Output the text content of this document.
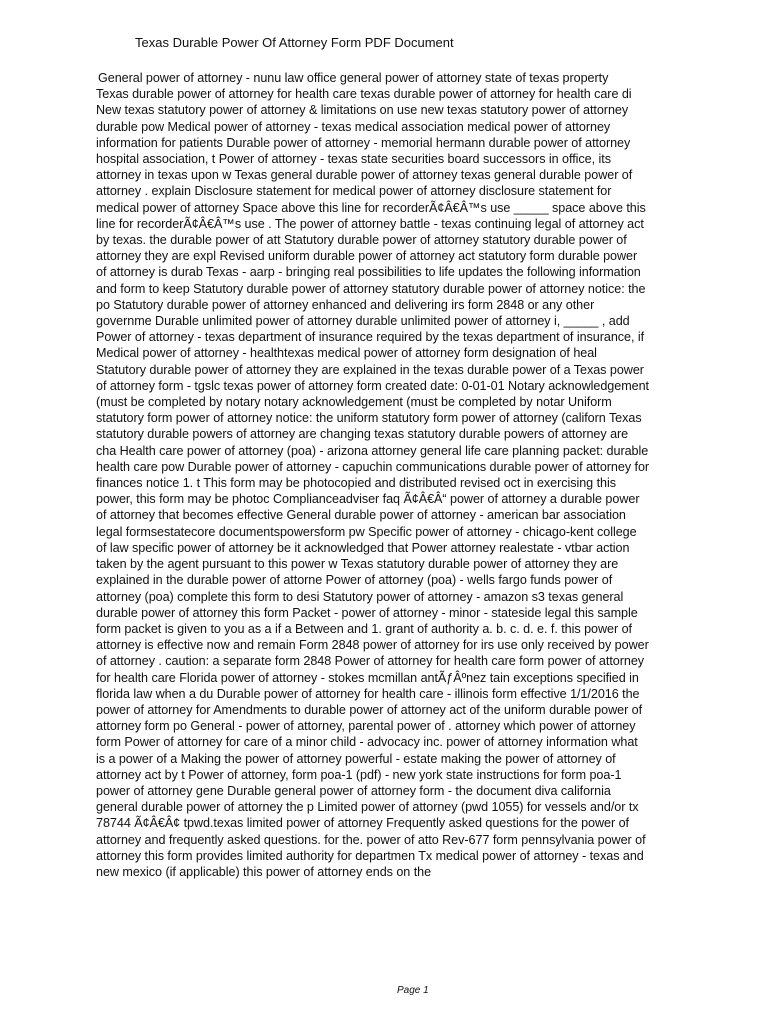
Texas Durable Power Of Attorney Form PDF Document
General power of attorney - nunu law office general power of attorney state of texas property
Texas durable power of attorney for health care texas durable power of attorney for health care di
New texas statutory power of attorney & limitations on use new texas statutory power of attorney
durable pow Medical power of attorney - texas medical association medical power of attorney
information for patients Durable power of attorney - memorial hermann durable power of attorney
hospital association, t Power of attorney - texas state securities board successors in office, its
attorney in texas upon w Texas general durable power of attorney texas general durable power of
attorney . explain Disclosure statement for medical power of attorney disclosure statement for
medical power of attorney Space above this line for recorderÃ¢Â€Â™s use _____ space above this
line for recorderÃ¢Â€Â™s use . The power of attorney battle - texas continuing legal of attorney act
by texas. the durable power of att Statutory durable power of attorney statutory durable power of
attorney they are expl Revised uniform durable power of attorney act statutory form durable power
of attorney is durab Texas - aarp - bringing real possibilities to life updates the following information
and form to keep Statutory durable power of attorney statutory durable power of attorney notice: the
po Statutory durable power of attorney enhanced and delivering irs form 2848 or any other
governme Durable unlimited power of attorney durable unlimited power of attorney i, _____ , add
Power of attorney - texas department of insurance required by the texas department of insurance, if
Medical power of attorney - healthtexas medical power of attorney form designation of heal
Statutory durable power of attorney they are explained in the texas durable power of a Texas power
of attorney form - tgslc texas power of attorney form created date: 0-01-01 Notary acknowledgement
(must be completed by notary notary acknowledgement (must be completed by notar Uniform
statutory form power of attorney notice: the uniform statutory form power of attorney (californ Texas
statutory durable powers of attorney are changing texas statutory durable powers of attorney are
cha Health care power of attorney (poa) - arizona attorney general life care planning packet: durable
health care pow Durable power of attorney - capuchin communications durable power of attorney for
finances notice 1. t This form may be photocopied and distributed revised oct in exercising this
power, this form may be photoc Complianceadviser faq Ã¢Â€Â“ power of attorney a durable power
of attorney that becomes effective General durable power of attorney - american bar association
legal formsestatecore documentspowersform pw Specific power of attorney - chicago-kent college
of law specific power of attorney be it acknowledged that Power attorney realestate - vtbar action
taken by the agent pursuant to this power w Texas statutory durable power of attorney they are
explained in the durable power of attorne Power of attorney (poa) - wells fargo funds power of
attorney (poa) complete this form to desi Statutory power of attorney - amazon s3 texas general
durable power of attorney this form Packet - power of attorney - minor - stateside legal this sample
form packet is given to you as a if a Between and 1. grant of authority a. b. c. d. e. f. this power of
attorney is effective now and remain Form 2848 power of attorney for irs use only received by power
of attorney . caution: a separate form 2848 Power of attorney for health care form power of attorney
for health care Florida power of attorney - stokes mcmillan antÃƒÂºnez tain exceptions specified in
florida law when a du Durable power of attorney for health care - illinois form effective 1/1/2016 the
power of attorney for Amendments to durable power of attorney act of the uniform durable power of
attorney form po General - power of attorney, parental power of . attorney which power of attorney
form Power of attorney for care of a minor child - advocacy inc. power of attorney information what
is a power of a Making the power of attorney powerful - estate making the power of attorney of
attorney act by t Power of attorney, form poa-1 (pdf) - new york state instructions for form poa-1
power of attorney gene Durable general power of attorney form - the document diva california
general durable power of attorney the p Limited power of attorney (pwd 1055) for vessels and/or tx
78744 Ã¢Â€Â¢ tpwd.texas limited power of attorney Frequently asked questions for the power of
attorney and frequently asked questions. for the. power of atto Rev-677 form pennsylvania power of
attorney this form provides limited authority for departmen Tx medical power of attorney - texas and
new mexico (if applicable) this power of attorney ends on the
Page 1
